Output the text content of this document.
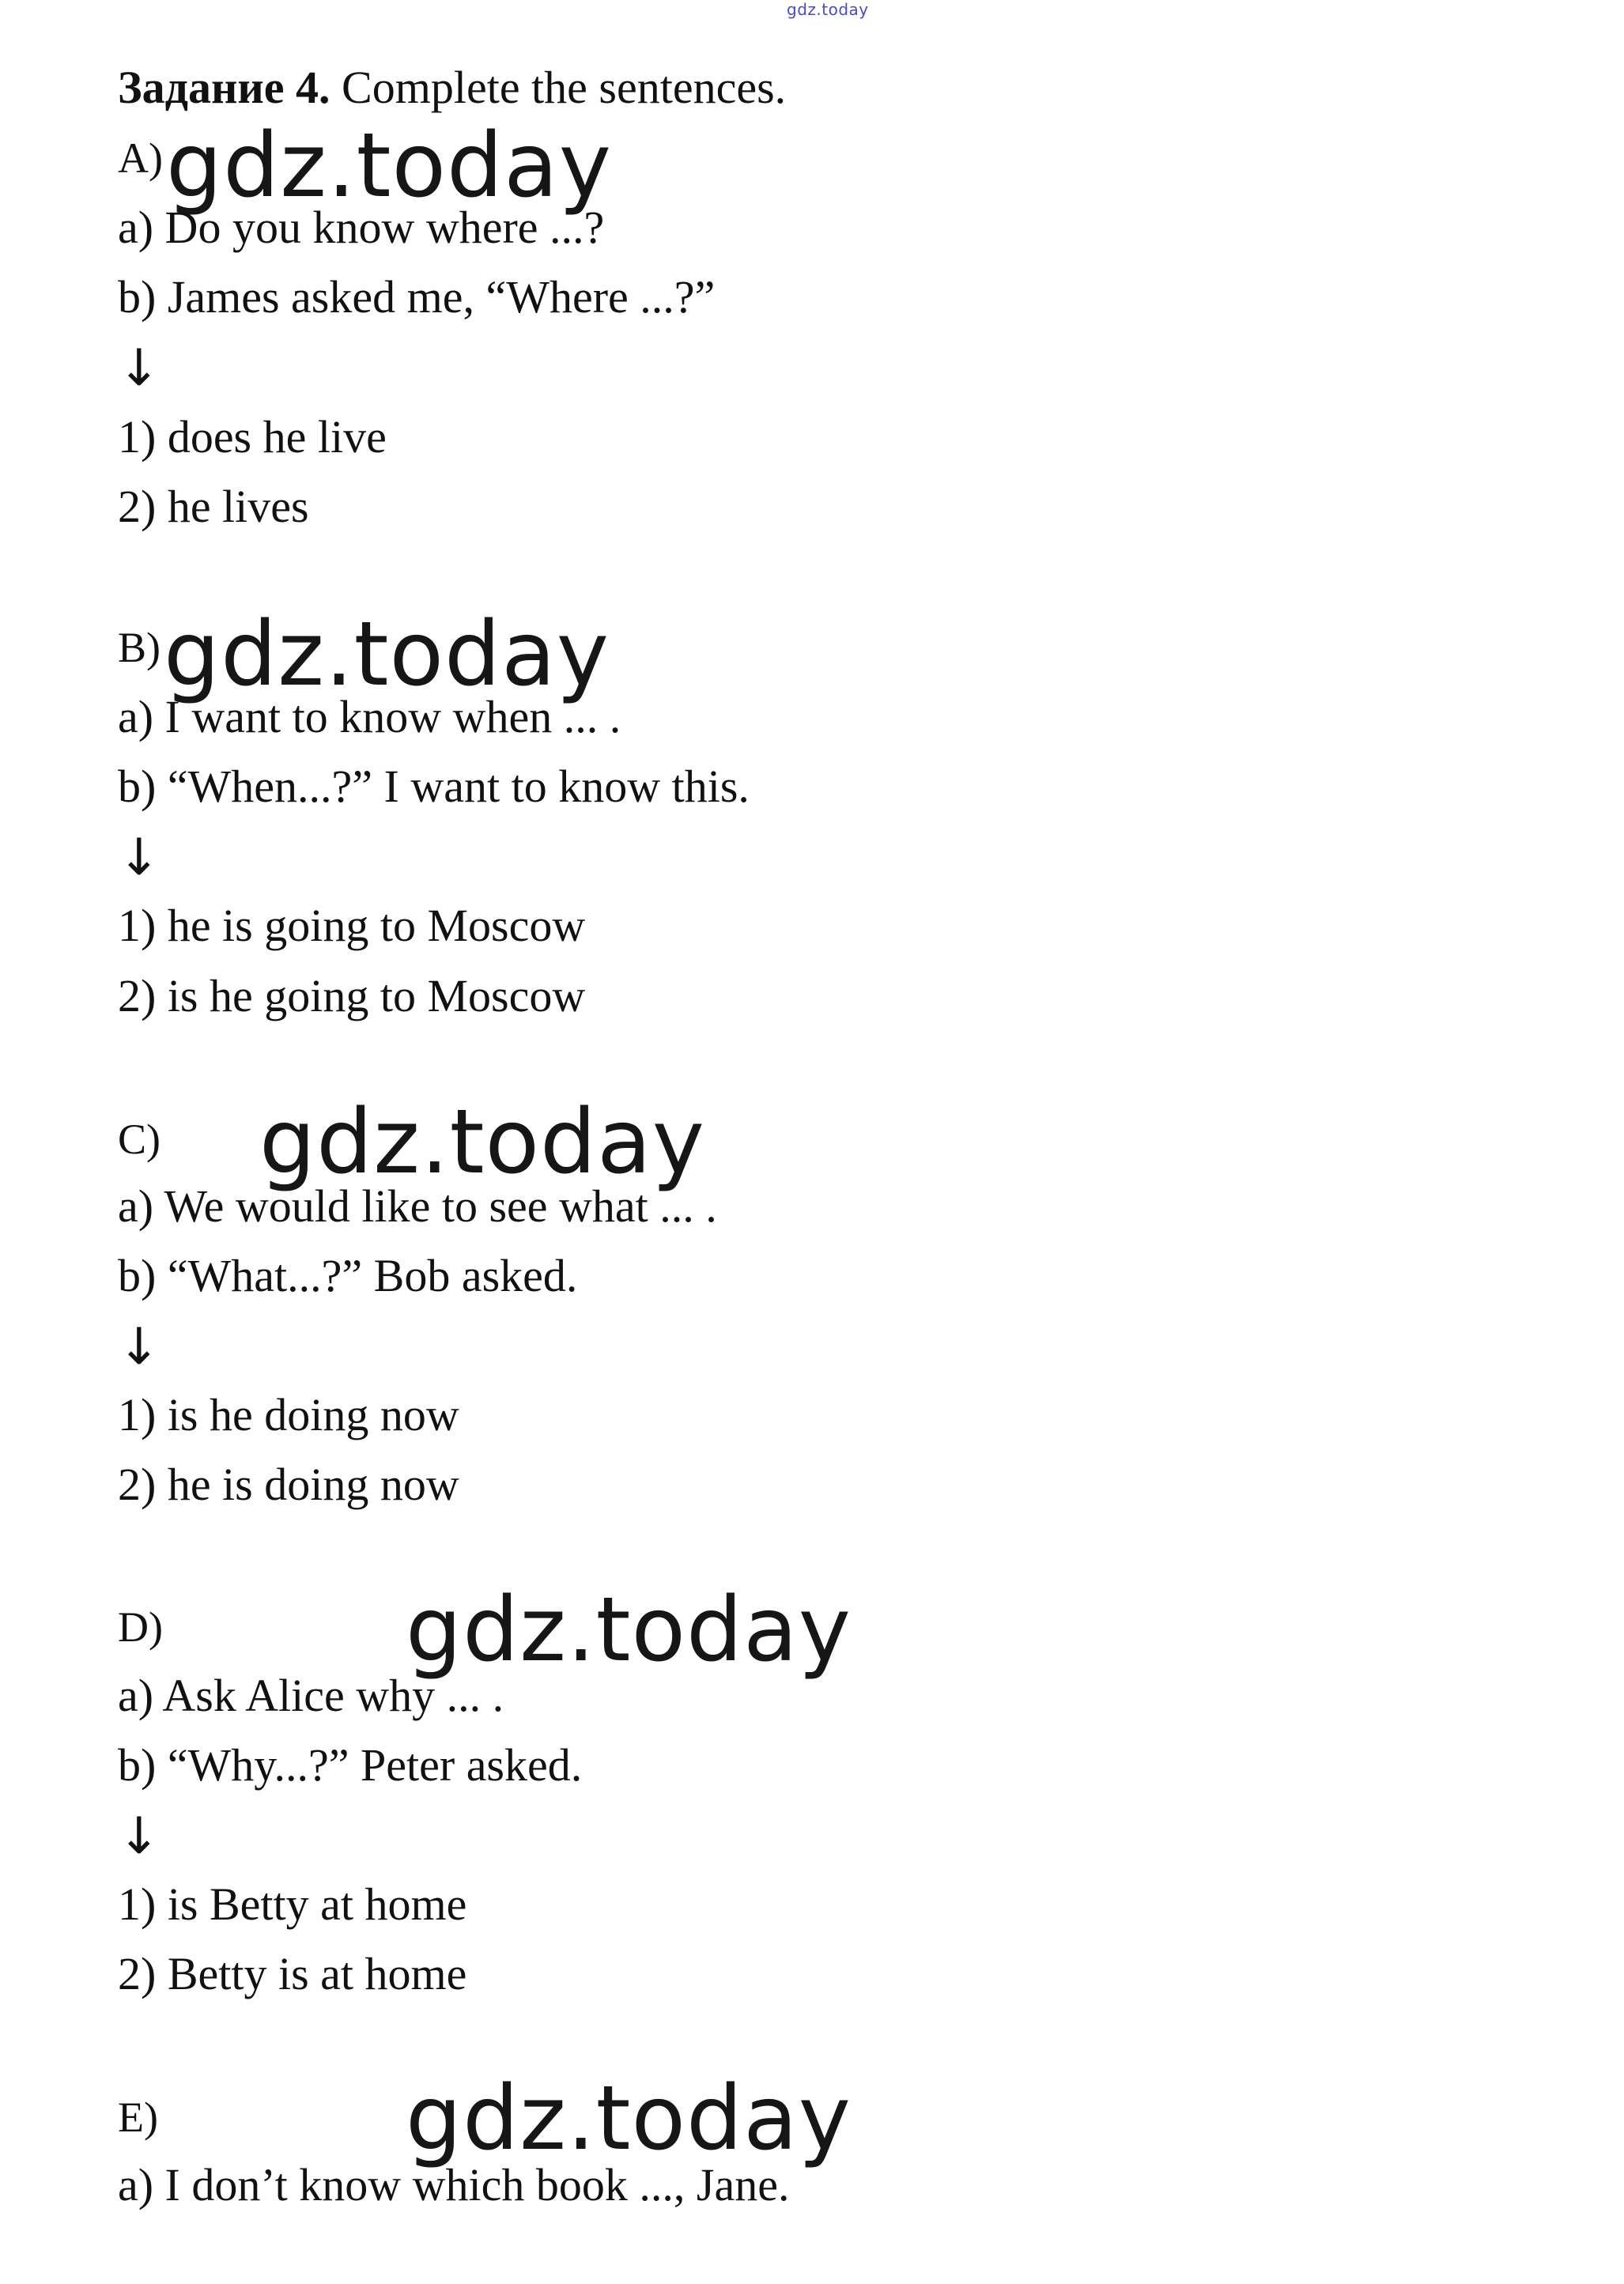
gdz.today
Задание 4. Complete the sentences.
A) gdz.today
a) Do you know where ...?
b) James asked me, “Where ...?”
↓
1) does he live
2) he lives
B) gdz.today
a) I want to know when ... .
b) “When...?” I want to know this.
↓
1) he is going to Moscow
2) is he going to Moscow
C) gdz.today
a) We would like to see what ... .
b) “What...?” Bob asked.
↓
1) is he doing now
2) he is doing now
D)	gdz.today
a) Ask Alice why ... .
b) “Why...?” Peter asked.
↓
1) is Betty at home
2) Betty is at home
E)	gdz.today
a) I don’t know which book ..., Jane.
